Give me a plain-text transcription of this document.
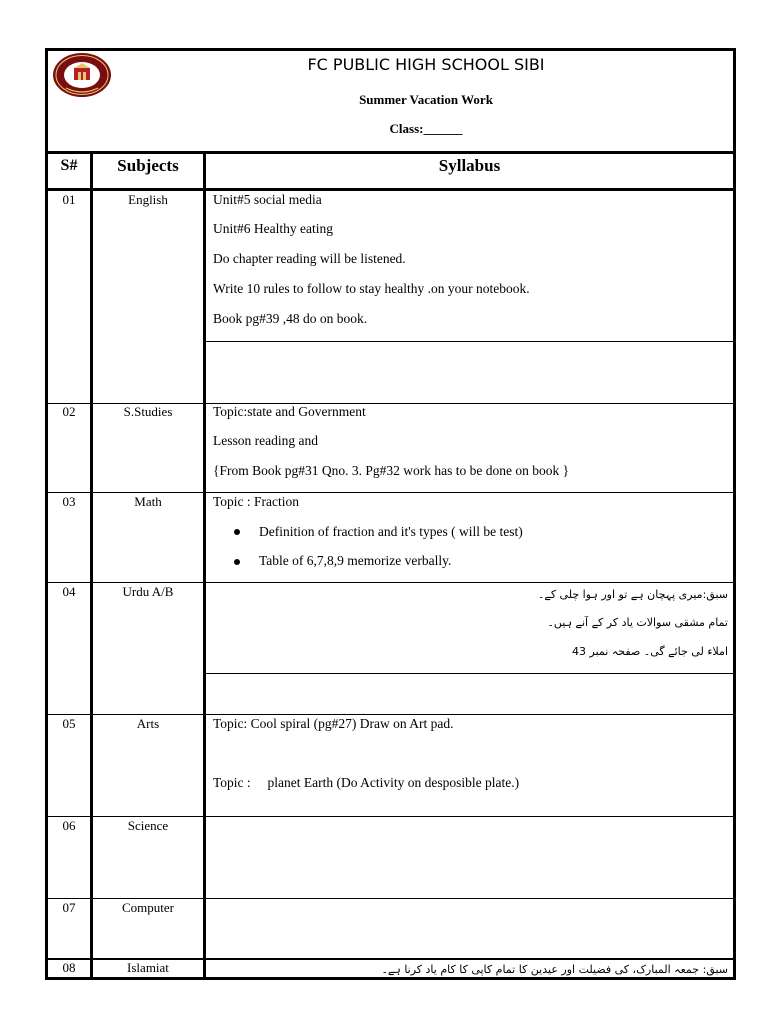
FC PUBLIC HIGH SCHOOL SIBI
Summer Vacation Work
Class:______
S#	Subjects	Syllabus
01	English	Unit#5 social media
Unit#6 Healthy eating
Do chapter reading will be listened.
Write 10 rules to follow to stay healthy .on your notebook.
Book pg#39 ,48 do on book.
02	S.Studies	Topic:state and Government
Lesson reading and
{From Book pg#31 Qno. 3. Pg#32 work has to be done on book }
03	Math	Topic : Fraction
Definition of fraction and it's types ( will be test)
Table of 6,7,8,9 memorize verbally.
04	Urdu A/B	سبق:میری پہچان ہے تو اور ہوا چلی کے۔
تمام مشقی سوالات یاد کر کے آنے ہیں۔
املاء لی جائے گی۔ صفحہ نمبر 43
05	Arts	Topic: Cool spiral (pg#27) Draw on Art pad.
Topic :     planet Earth (Do Activity on desposible plate.)
06	Science
07	Computer
08	Islamiat	سبق: جمعہ المبارک، کی فضیلت اور عیدین کا تمام کاپی کا کام یاد کرنا ہے۔
